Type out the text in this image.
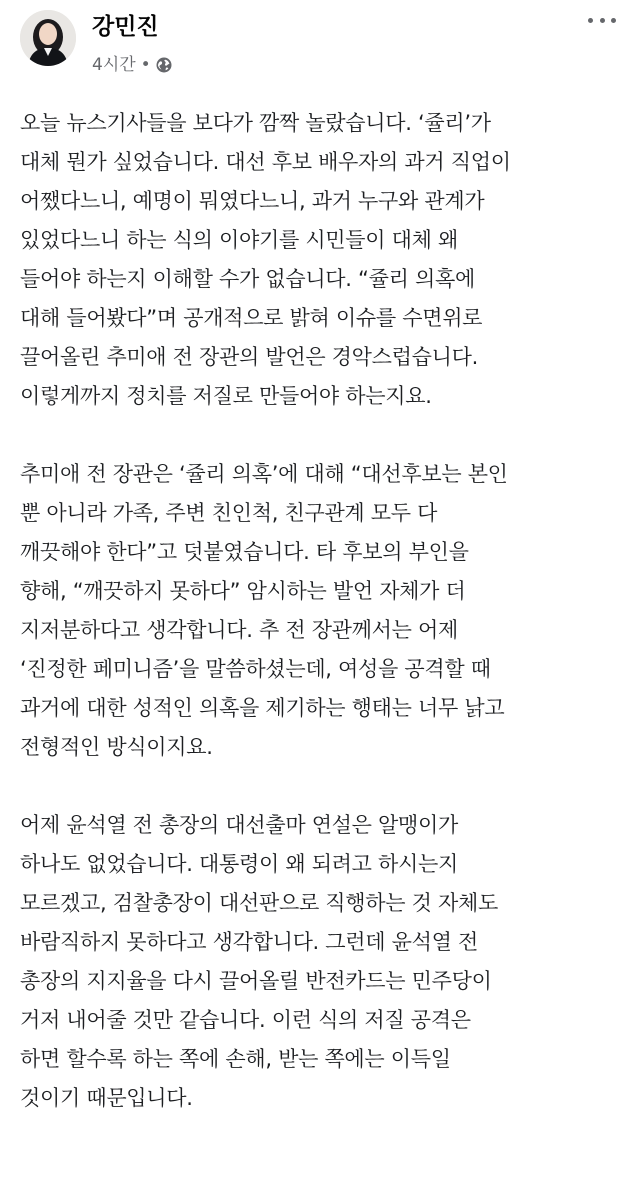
강민진
4시간 •

오늘 뉴스기사들을 보다가 깜짝 놀랐습니다. ‘쥴리’가
대체 뭔가 싶었습니다. 대선 후보 배우자의 과거 직업이
어쨌다느니, 예명이 뭐였다느니, 과거 누구와 관계가
있었다느니 하는 식의 이야기를 시민들이 대체 왜
들어야 하는지 이해할 수가 없습니다. “쥴리 의혹에
대해 들어봤다”며 공개적으로 밝혀 이슈를 수면위로
끌어올린 추미애 전 장관의 발언은 경악스럽습니다.
이렇게까지 정치를 저질로 만들어야 하는지요.

추미애 전 장관은 ‘쥴리 의혹’에 대해 “대선후보는 본인
뿐 아니라 가족, 주변 친인척, 친구관계 모두 다
깨끗해야 한다”고 덧붙였습니다. 타 후보의 부인을
향해, “깨끗하지 못하다” 암시하는 발언 자체가 더
지저분하다고 생각합니다. 추 전 장관께서는 어제
‘진정한 페미니즘’을 말씀하셨는데, 여성을 공격할 때
과거에 대한 성적인 의혹을 제기하는 행태는 너무 낡고
전형적인 방식이지요.

어제 윤석열 전 총장의 대선출마 연설은 알맹이가
하나도 없었습니다. 대통령이 왜 되려고 하시는지
모르겠고, 검찰총장이 대선판으로 직행하는 것 자체도
바람직하지 못하다고 생각합니다. 그런데 윤석열 전
총장의 지지율을 다시 끌어올릴 반전카드는 민주당이
거저 내어줄 것만 같습니다. 이런 식의 저질 공격은
하면 할수록 하는 쪽에 손해, 받는 쪽에는 이득일
것이기 때문입니다.
